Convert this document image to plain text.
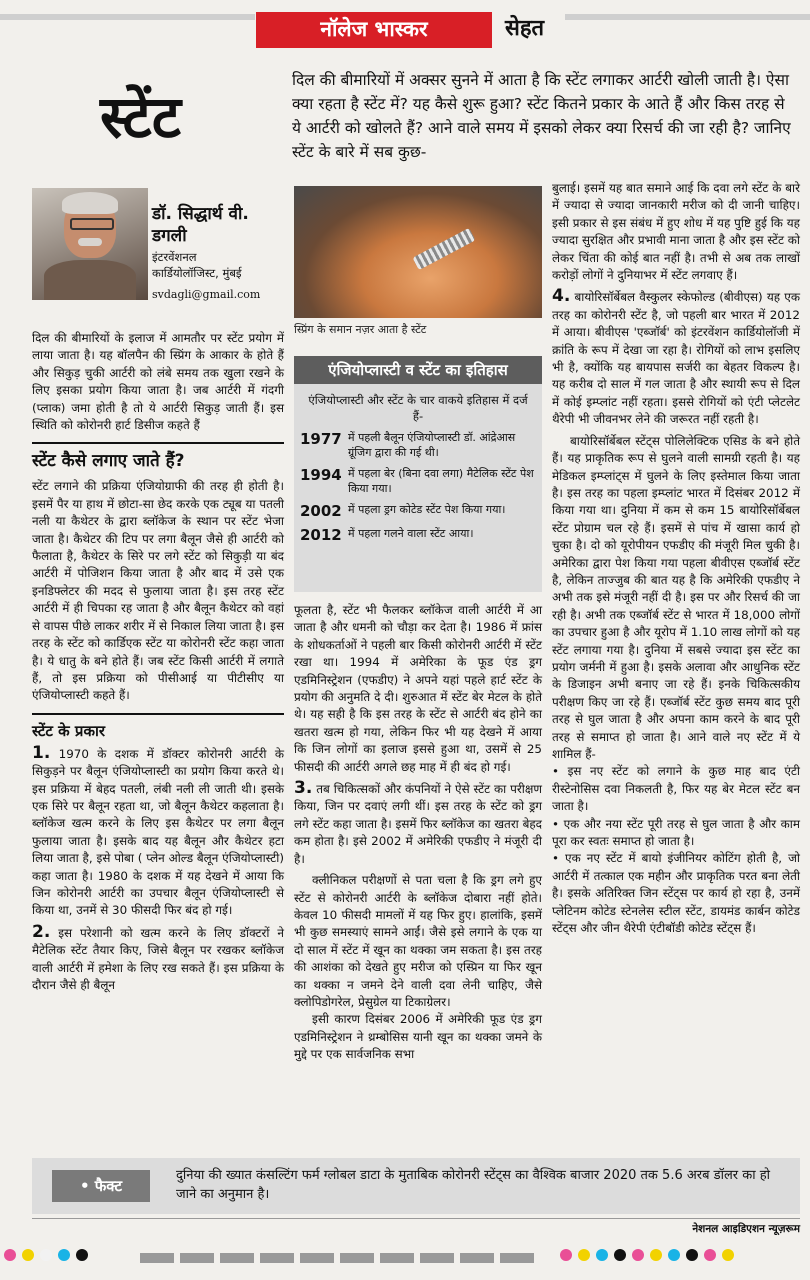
नॉलेज भास्कर	सेहत
स्टेंट
दिल की बीमारियों में अक्सर सुनने में आता है कि स्टेंट लगाकर आर्टरी खोली जाती है। ऐसा क्या रहता है स्टेंट में? यह कैसे शुरू हुआ? स्टेंट कितने प्रकार के आते हैं और किस तरह से ये आर्टरी को खोलते हैं? आने वाले समय में इसको लेकर क्या रिसर्च की जा रही है? जानिए स्टेंट के बारे में सब कुछ-
डॉ. सिद्धार्थ वी.
डगली
इंटरवेंशनल
कार्डियोलॉजिस्ट, मुंबई
svdagli@gmail.com

दिल की बीमारियों के इलाज में आमतौर पर स्टेंट प्रयोग में लाया जाता है। यह बॉलपैन की स्प्रिंग के आकार के होते हैं और सिकुड़ चुकी आर्टरी को लंबे समय तक खुला रखने के लिए इसका प्रयोग किया जाता है। जब आर्टरी में गंदगी (प्लाक) जमा होती है तो ये आर्टरी सिकुड़ जाती हैं। इस स्थिति को कोरोनरी हार्ट डिसीज कहते हैं

स्टेंट कैसे लगाए जाते हैं?

स्टेंट लगाने की प्रक्रिया एंजियोग्राफी की तरह ही होती है। इसमें पैर या हाथ में छोटा-सा छेद करके एक ट्यूब या पतली नली या कैथेटर के द्वारा ब्लॉकेज के स्थान पर स्टेंट भेजा जाता है। कैथेटर की टिप पर लगा बैलून जैसे ही आर्टरी को फैलाता है, कैथेटर के सिरे पर लगे स्टेंट को सिकुड़ी या बंद आर्टरी में पोजिशन किया जाता है और बाद में उसे एक इनडिफ्लेटर की मदद से फुलाया जाता है। इस तरह स्टेंट आर्टरी में ही चिपका रह जाता है और बैलून कैथेटर को वहां से वापस पीछे लाकर शरीर में से निकाल लिया जाता है। इस तरह के स्टेंट को कार्डिएक स्टेंट या कोरोनरी स्टेंट कहा जाता है। ये धातु के बने होते हैं। जब स्टेंट किसी आर्टरी में लगाते हैं, तो इस प्रक्रिया को पीसीआई या पीटीसीए या एंजियोप्लास्टी कहते हैं।

स्टेंट के प्रकार

1. 1970 के दशक में डॉक्टर कोरोनरी आर्टरी के सिकुड़ने पर बैलून एंजियोप्लास्टी का प्रयोग किया करते थे। इस प्रक्रिया में बेहद पतली, लंबी नली ली जाती थी। इसके एक सिरे पर बैलून रहता था, जो बैलून कैथेटर कहलाता है। ब्लॉकेज खत्म करने के लिए इस कैथेटर पर लगा बैलून फुलाया जाता है। इसके बाद यह बैलून और कैथेटर हटा लिया जाता है, इसे पोबा ( प्लेन ओल्ड बैलून एंजियोप्लास्टी) कहा जाता है। 1980 के दशक में यह देखने में आया कि जिन कोरोनरी आर्टरी का उपचार बैलून एंजियोप्लास्टी से किया था, उनमें से 30 फीसदी फिर बंद हो गई।

2. इस परेशानी को खत्म करने के लिए डॉक्टरों ने मैटेलिक स्टेंट तैयार किए, जिसे बैलून पर रखकर ब्लॉकेज वाली आर्टरी में हमेशा के लिए रख सकते हैं। इस प्रक्रिया के दौरान जैसे ही बैलून

स्प्रिंग के समान नज़र आता है स्टेंट
एंजियोप्लास्टी व स्टेंट का इतिहास
एंजियोप्लास्टी और स्टेंट के चार वाकये इतिहास में दर्ज हैं-
1977 में पहली बैलून एंजियोप्लास्टी डॉ. आंद्रेआस ग्रूंजिग द्वारा की गई थी।
1994 में पहला बेर (बिना दवा लगा) मैटेलिक स्टेंट पेश किया गया।
2002 में पहला ड्रग कोटेड स्टेंट पेश किया गया।
2012 में पहला गलने वाला स्टेंट आया।

फूलता है, स्टेंट भी फैलकर ब्लॉकेज वाली आर्टरी में आ जाता है और धमनी को चौड़ा कर देता है। 1986 में फ्रांस के शोधकर्ताओं ने पहली बार किसी कोरोनरी आर्टरी में स्टेंट रखा था। 1994 में अमेरिका के फूड एंड ड्रग एडमिनिस्ट्रेशन (एफडीए) ने अपने यहां पहले हार्ट स्टेंट के प्रयोग की अनुमति दे दी। शुरुआत में स्टेंट बेर मेटल के होते थे। यह सही है कि इस तरह के स्टेंट से आर्टरी बंद होने का खतरा खत्म हो गया, लेकिन फिर भी यह देखने में आया कि जिन लोगों का इलाज इससे हुआ था, उसमें से 25 फीसदी की आर्टरी अगले छह माह में ही बंद हो गई।

3. तब चिकित्सकों और कंपनियों ने ऐसे स्टेंट का परीक्षण किया, जिन पर दवाएं लगी थीं। इस तरह के स्टेंट को ड्रग लगे स्टेंट कहा जाता है। इसमें फिर ब्लॉकेज का खतरा बेहद कम होता है। इसे 2002 में अमेरिकी एफडीए ने मंजूरी दी है।

क्लीनिकल परीक्षणों से पता चला है कि ड्रग लगे हुए स्टेंट से कोरोनरी आर्टरी के ब्लॉकेज दोबारा नहीं होते। केवल 10 फीसदी मामलों में यह फिर हुए। हालांकि, इसमें भी कुछ समस्याएं सामने आईं। जैसे इसे लगाने के एक या दो साल में स्टेंट में खून का थक्का जम सकता है। इस तरह की आशंका को देखते हुए मरीज को एस्प्रिन या फिर खून का थक्का न जमने देने वाली दवा लेनी चाहिए, जैसे क्लोपिडोगरेल, प्रेसुग्रेल या टिकाग्रेलर।

इसी कारण दिसंबर 2006 में अमेरिकी फूड एंड ड्रग एडमिनिस्ट्रेशन ने थ्रम्बोसिस यानी खून का थक्का जमने के मुद्दे पर एक सार्वजनिक सभा

बुलाई। इसमें यह बात समाने आई कि दवा लगे स्टेंट के बारे में ज्यादा से ज्यादा जानकारी मरीज को दी जानी चाहिए। इसी प्रकार से इस संबंध में हुए शोध में यह पुष्टि हुई कि यह ज्यादा सुरक्षित और प्रभावी माना जाता है और इस स्टेंट को लेकर चिंता की कोई बात नहीं है। तभी से अब तक लाखों करोड़ों लोगों ने दुनियाभर में स्टेंट लगवाए हैं।

4. बायोरिसॉर्बेबल वैस्कुलर स्केफोल्ड (बीवीएस) यह एक तरह का कोरोनरी स्टेंट है, जो पहली बार भारत में 2012 में आया। बीवीएस 'एब्जॉर्ब' को इंटरवेंशन कार्डियोलॉजी में क्रांति के रूप में देखा जा रहा है। रोगियों को लाभ इसलिए भी है, क्योंकि यह बायपास सर्जरी का बेहतर विकल्प है। यह करीब दो साल में गल जाता है और स्थायी रूप से दिल में कोई इम्प्लांट नहीं रहता। इससे रोगियों को एंटी प्लेटलेट थैरेपी भी जीवनभर लेने की जरूरत नहीं रहती है।

बायोरिसॉर्बेबल स्टेंट्स पोलिलेक्टिक एसिड के बने होते हैं। यह प्राकृतिक रूप से घुलने वाली सामग्री रहती है। यह मेडिकल इम्प्लांट्स में घुलने के लिए इस्तेमाल किया जाता है। इस तरह का पहला इम्प्लांट भारत में दिसंबर 2012 में किया गया था। दुनिया में कम से कम 15 बायोरिसॉर्बेबल स्टेंट प्रोग्राम चल रहे हैं। इसमें से पांच में खासा कार्य हो चुका है। दो को यूरोपीयन एफडीए की मंजूरी मिल चुकी है। अमेरिका द्वारा पेश किया गया पहला बीवीएस एब्जॉर्ब स्टेंट है, लेकिन ताज्जुब की बात यह है कि अमेरिकी एफडीए ने अभी तक इसे मंजूरी नहीं दी है। इस पर और रिसर्च की जा रही है। अभी तक एब्जॉर्ब स्टेंट से भारत में 18,000 लोगों का उपचार हुआ है और यूरोप में 1.10 लाख लोगों को यह स्टेंट लगाया गया है। दुनिया में सबसे ज्यादा इस स्टेंट का प्रयोग जर्मनी में हुआ है। इसके अलावा और आधुनिक स्टेंट के डिजाइन अभी बनाए जा रहे हैं। इनके चिकित्सकीय परीक्षण किए जा रहे हैं। एब्जॉर्ब स्टेंट कुछ समय बाद पूरी तरह से घुल जाता है और अपना काम करने के बाद पूरी तरह से समाप्त हो जाता है। आने वाले नए स्टेंट में ये शामिल हैं-

• इस नए स्टेंट को लगाने के कुछ माह बाद एंटी रीस्टेनोसिस दवा निकलती है, फिर यह बेर मेटल स्टेंट बन जाता है।

• एक और नया स्टेंट पूरी तरह से घुल जाता है और काम पूरा कर स्वतः समाप्त हो जाता है।

• एक नए स्टेंट में बायो इंजीनियर कोटिंग होती है, जो आर्टरी में तत्काल एक महीन और प्राकृतिक परत बना लेती है। इसके अतिरिक्त जिन स्टेंट्स पर कार्य हो रहा है, उनमें प्लेटिनम कोटेड स्टेनलेस स्टील स्टेंट, डायमंड कार्बन कोटेड स्टेंट्स और जीन थैरेपी एंटीबॉडी कोटेड स्टेंट्स हैं।

• फैक्ट
दुनिया की ख्यात कंसल्टिंग फर्म ग्लोबल डाटा के मुताबिक कोरोनरी स्टेंट्स का वैश्विक बाजार 2020 तक 5.6 अरब डॉलर का हो जाने का अनुमान है।
नेशनल आइडिएशन न्यूज़रूम
